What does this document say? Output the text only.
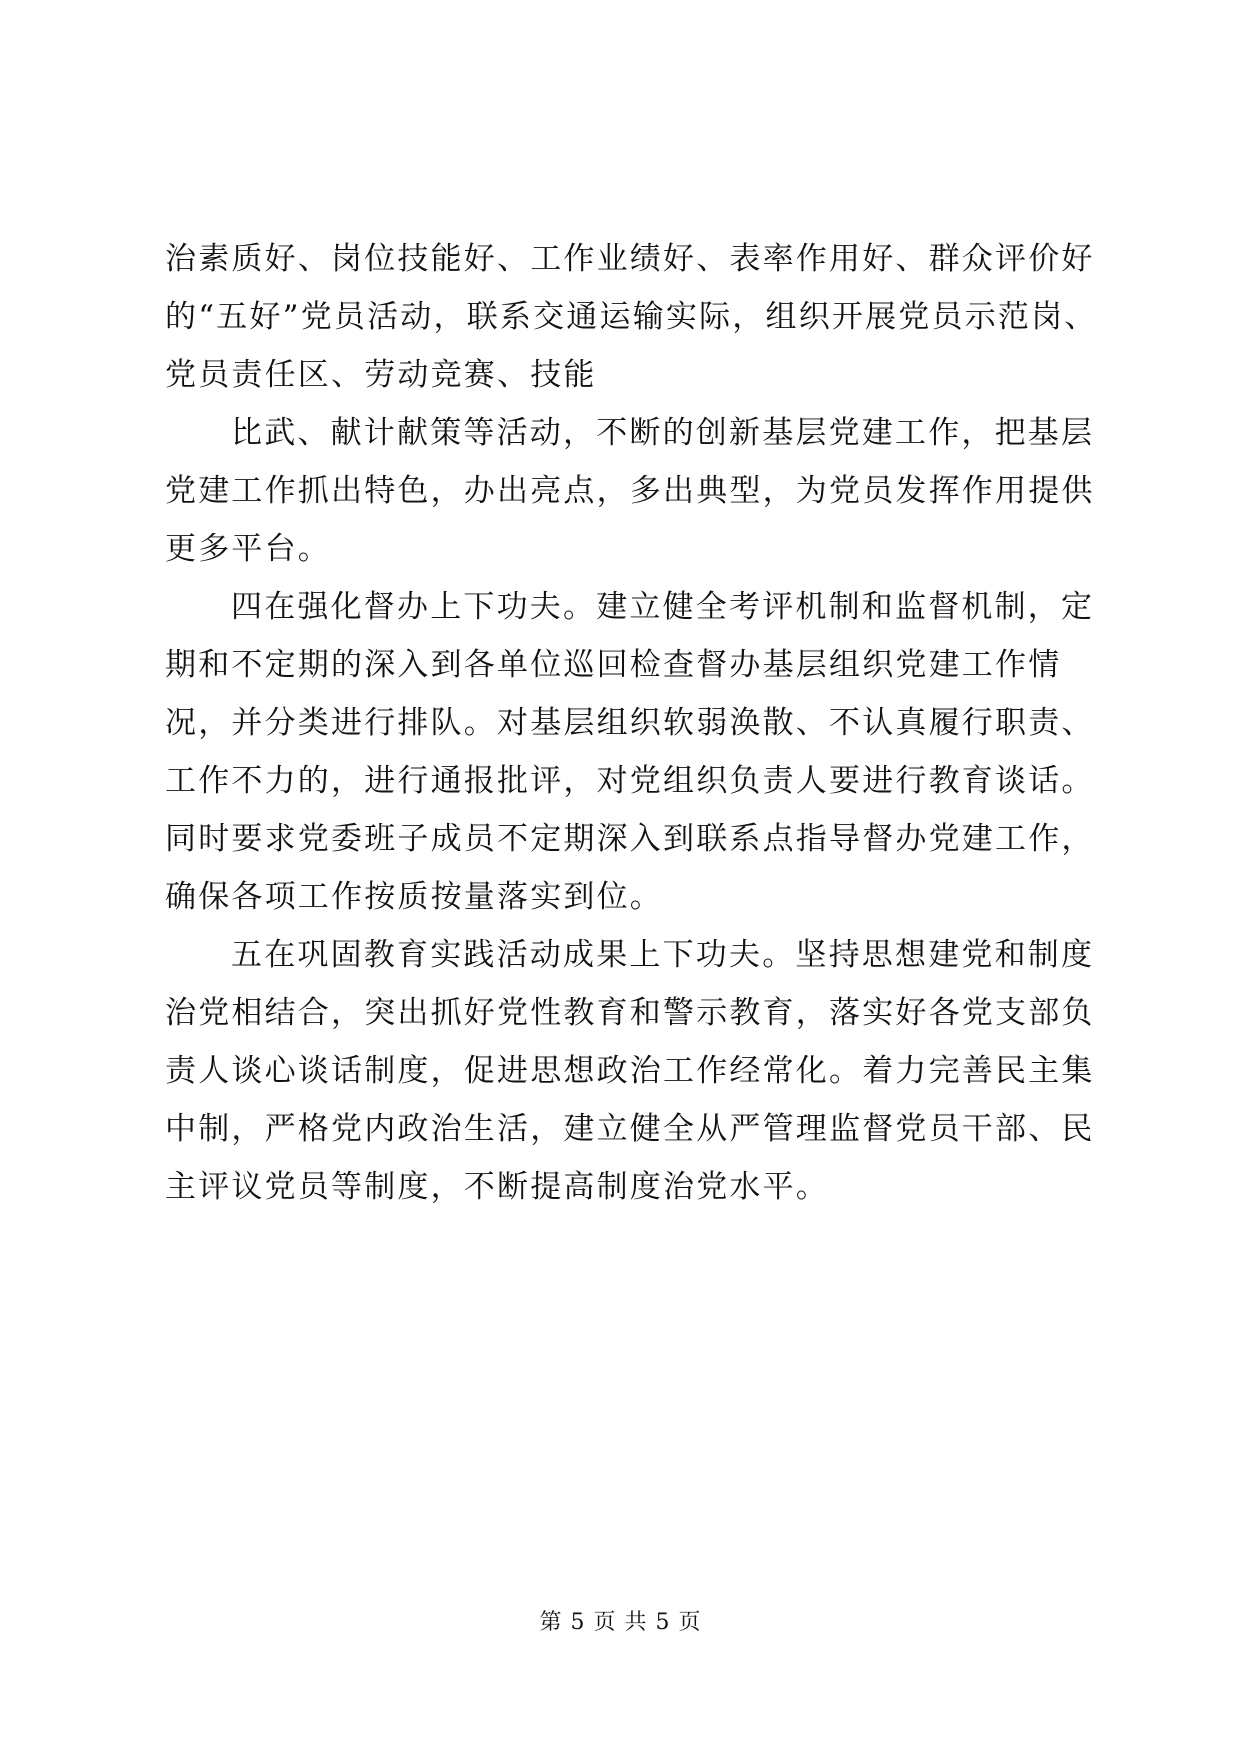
治素质好、岗位技能好、工作业绩好、表率作用好、群众评价好
的“五好”党员活动，联系交通运输实际，组织开展党员示范岗、
党员责任区、劳动竞赛、技能
比武、献计献策等活动，不断的创新基层党建工作，把基层
党建工作抓出特色，办出亮点，多出典型，为党员发挥作用提供
更多平台。
四在强化督办上下功夫。建立健全考评机制和监督机制，定
期和不定期的深入到各单位巡回检查督办基层组织党建工作情
况，并分类进行排队。对基层组织软弱涣散、不认真履行职责、
工作不力的，进行通报批评，对党组织负责人要进行教育谈话。
同时要求党委班子成员不定期深入到联系点指导督办党建工作，
确保各项工作按质按量落实到位。
五在巩固教育实践活动成果上下功夫。坚持思想建党和制度
治党相结合，突出抓好党性教育和警示教育，落实好各党支部负
责人谈心谈话制度，促进思想政治工作经常化。着力完善民主集
中制，严格党内政治生活，建立健全从严管理监督党员干部、民
主评议党员等制度，不断提高制度治党水平。
第 5 页 共 5 页
